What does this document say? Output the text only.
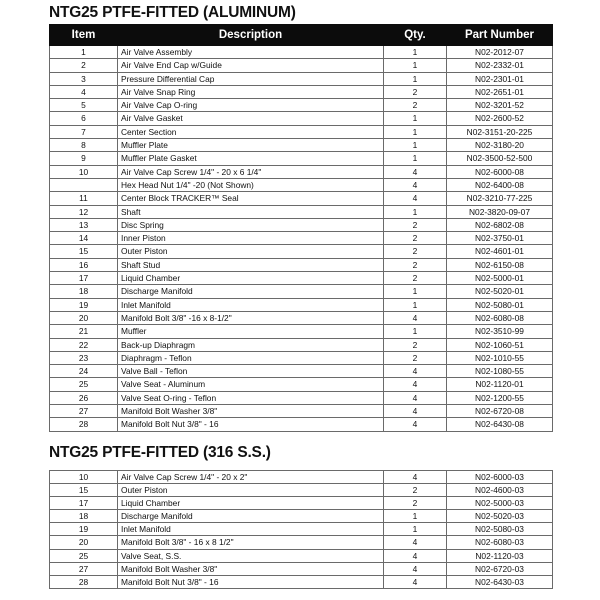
NTG25 PTFE-FITTED (ALUMINUM)
Item	Description	Qty.	Part Number
1	Air Valve Assembly	1	N02-2012-07
2	Air Valve End Cap w/Guide	1	N02-2332-01
3	Pressure Differential Cap	1	N02-2301-01
4	Air Valve Snap Ring	2	N02-2651-01
5	Air Valve Cap O-ring	2	N02-3201-52
6	Air Valve Gasket	1	N02-2600-52
7	Center Section	1	N02-3151-20-225
8	Muffler Plate	1	N02-3180-20
9	Muffler Plate Gasket	1	N02-3500-52-500
10	Air Valve Cap Screw 1/4" - 20 x 6 1/4"	4	N02-6000-08
	Hex Head Nut 1/4" -20 (Not Shown)	4	N02-6400-08
11	Center Block TRACKER™ Seal	4	N02-3210-77-225
12	Shaft	1	N02-3820-09-07
13	Disc Spring	2	N02-6802-08
14	Inner Piston	2	N02-3750-01
15	Outer Piston	2	N02-4601-01
16	Shaft Stud	2	N02-6150-08
17	Liquid Chamber	2	N02-5000-01
18	Discharge Manifold	1	N02-5020-01
19	Inlet Manifold	1	N02-5080-01
20	Manifold Bolt 3/8" -16 x 8-1/2"	4	N02-6080-08
21	Muffler	1	N02-3510-99
22	Back-up Diaphragm	2	N02-1060-51
23	Diaphragm - Teflon	2	N02-1010-55
24	Valve Ball - Teflon	4	N02-1080-55
25	Valve Seat - Aluminum	4	N02-1120-01
26	Valve Seat O-ring - Teflon	4	N02-1200-55
27	Manifold Bolt Washer 3/8"	4	N02-6720-08
28	Manifold Bolt Nut 3/8" - 16	4	N02-6430-08
NTG25 PTFE-FITTED (316 S.S.)
10	Air Valve Cap Screw 1/4" - 20 x 2"	4	N02-6000-03
15	Outer Piston	2	N02-4600-03
17	Liquid Chamber	2	N02-5000-03
18	Discharge Manifold	1	N02-5020-03
19	Inlet Manifold	1	N02-5080-03
20	Manifold Bolt 3/8" - 16 x 8 1/2"	4	N02-6080-03
25	Valve Seat, S.S.	4	N02-1120-03
27	Manifold Bolt Washer 3/8"	4	N02-6720-03
28	Manifold Bolt Nut 3/8" - 16	4	N02-6430-03
